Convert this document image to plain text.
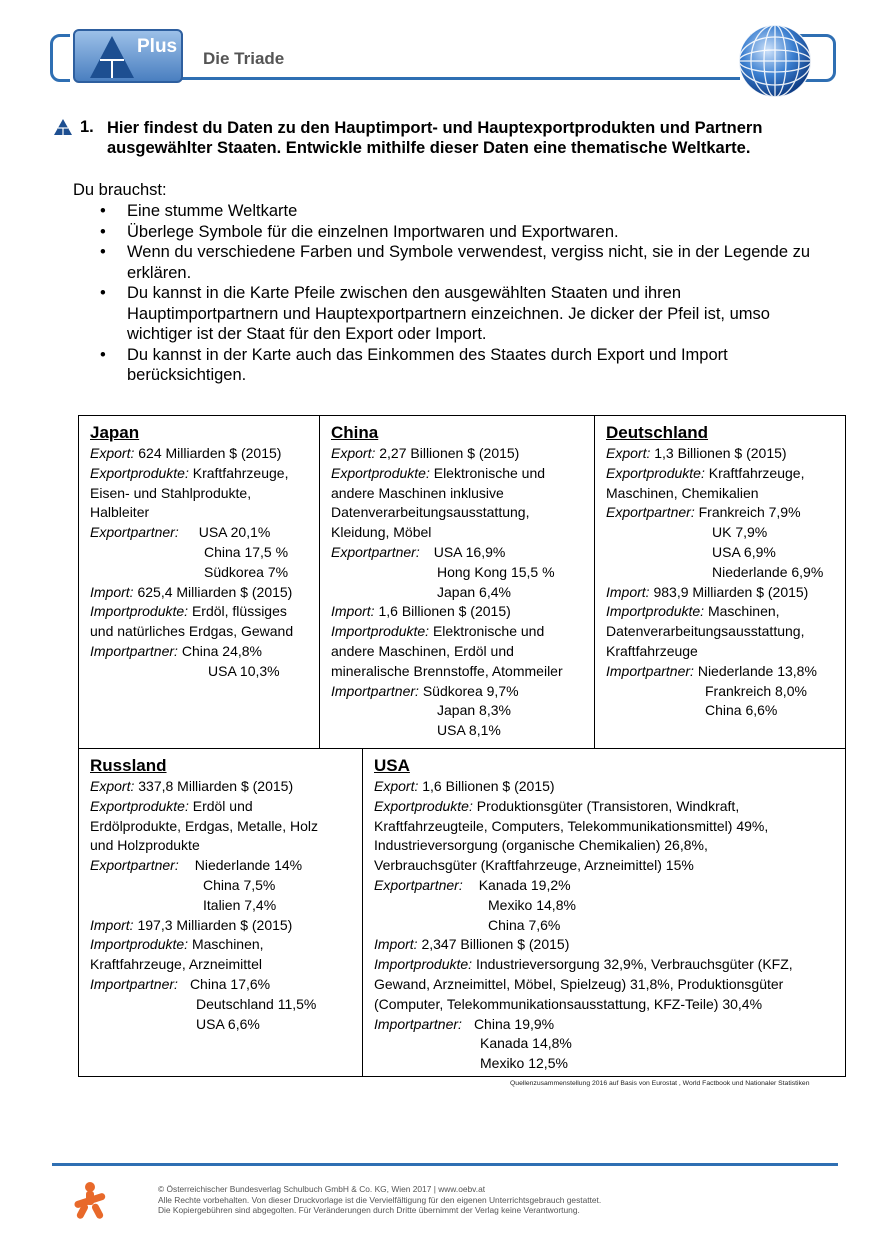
Plus
Die Triade
1. Hier findest du Daten zu den Hauptimport- und Hauptexportprodukten und Partnern ausgewählter Staaten. Entwickle mithilfe dieser Daten eine thematische Weltkarte.
Du brauchst:
• Eine stumme Weltkarte
• Überlege Symbole für die einzelnen Importwaren und Exportwaren.
• Wenn du verschiedene Farben und Symbole verwendest, vergiss nicht, sie in der Legende zu erklären.
• Du kannst in die Karte Pfeile zwischen den ausgewählten Staaten und ihren Hauptimportpartnern und Hauptexportpartnern einzeichnen. Je dicker der Pfeil ist, umso wichtiger ist der Staat für den Export oder Import.
• Du kannst in der Karte auch das Einkommen des Staates durch Export und Import berücksichtigen.
Japan
Export: 624 Milliarden $ (2015)
Exportprodukte: Kraftfahrzeuge,
Eisen- und Stahlprodukte,
Halbleiter
Exportpartner: USA 20,1%
China 17,5 %
Südkorea 7%
Import: 625,4 Milliarden $ (2015)
Importprodukte: Erdöl, flüssiges
und natürliches Erdgas, Gewand
Importpartner: China 24,8%
USA 10,3%
China
Export: 2,27 Billionen $ (2015)
Exportprodukte: Elektronische und
andere Maschinen inklusive
Datenverarbeitungsausstattung,
Kleidung, Möbel
Exportpartner: USA 16,9%
Hong Kong 15,5 %
Japan 6,4%
Import: 1,6 Billionen $ (2015)
Importprodukte: Elektronische und
andere Maschinen, Erdöl und
mineralische Brennstoffe, Atommeiler
Importpartner: Südkorea 9,7%
Japan 8,3%
USA 8,1%
Deutschland
Export: 1,3 Billionen $ (2015)
Exportprodukte: Kraftfahrzeuge,
Maschinen, Chemikalien
Exportpartner: Frankreich 7,9%
UK 7,9%
USA 6,9%
Niederlande 6,9%
Import: 983,9 Milliarden $ (2015)
Importprodukte: Maschinen,
Datenverarbeitungsausstattung,
Kraftfahrzeuge
Importpartner: Niederlande 13,8%
Frankreich 8,0%
China 6,6%
Russland
Export: 337,8 Milliarden $ (2015)
Exportprodukte: Erdöl und
Erdölprodukte, Erdgas, Metalle, Holz
und Holzprodukte
Exportpartner: Niederlande 14%
China 7,5%
Italien 7,4%
Import: 197,3 Milliarden $ (2015)
Importprodukte: Maschinen,
Kraftfahrzeuge, Arzneimittel
Importpartner: China 17,6%
Deutschland 11,5%
USA 6,6%
USA
Export: 1,6 Billionen $ (2015)
Exportprodukte: Produktionsgüter (Transistoren, Windkraft,
Kraftfahrzeugteile, Computers, Telekommunikationsmittel) 49%,
Industrieversorgung (organische Chemikalien) 26,8%,
Verbrauchsgüter (Kraftfahrzeuge, Arzneimittel) 15%
Exportpartner: Kanada 19,2%
Mexiko 14,8%
China 7,6%
Import: 2,347 Billionen $ (2015)
Importprodukte: Industrieversorgung 32,9%, Verbrauchsgüter (KFZ,
Gewand, Arzneimittel, Möbel, Spielzeug) 31,8%, Produktionsgüter
(Computer, Telekommunikationsausstattung, KFZ-Teile) 30,4%
Importpartner: China 19,9%
Kanada 14,8%
Mexiko 12,5%
Quellenzusammenstellung 2016 auf Basis von Eurostat , World Factbook und Nationaler Statistiken
© Österreichischer Bundesverlag Schulbuch GmbH & Co. KG, Wien 2017 | www.oebv.at
Alle Rechte vorbehalten. Von dieser Druckvorlage ist die Vervielfältigung für den eigenen Unterrichtsgebrauch gestattet.
Die Kopiergebühren sind abgegolten. Für Veränderungen durch Dritte übernimmt der Verlag keine Verantwortung.
